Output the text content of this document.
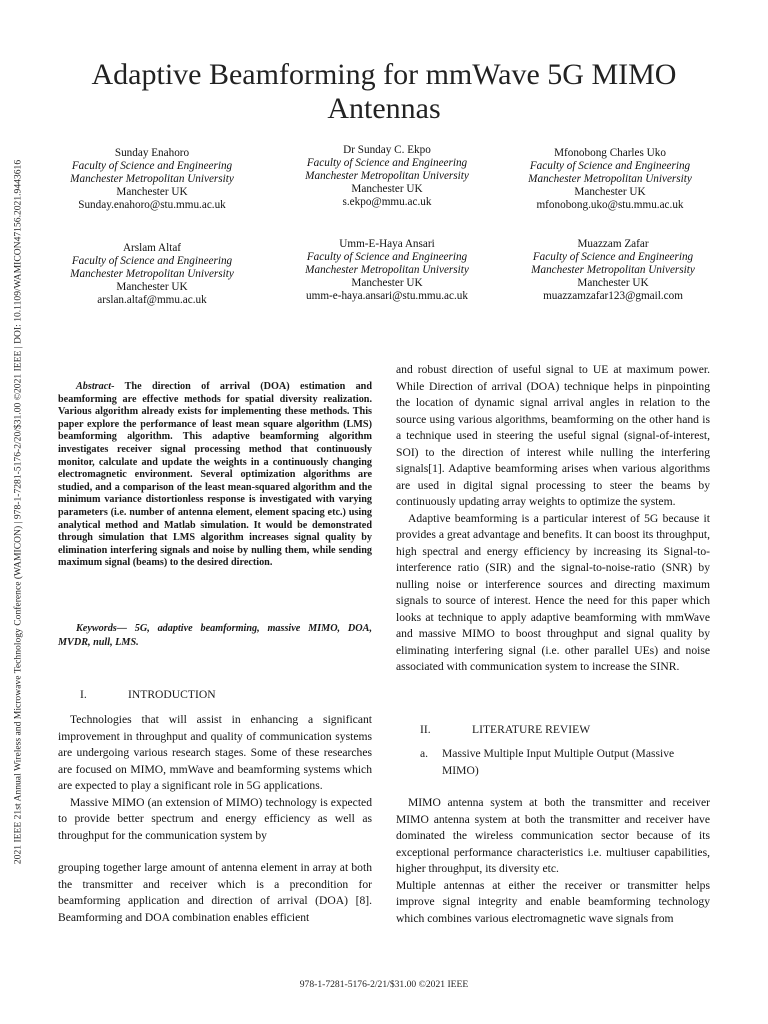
2021 IEEE 21st Annual Wireless and Microwave Technology Conference (WAMICON) | 978-1-7281-5176-2/20/$31.00 ©2021 IEEE | DOI: 10.1109/WAMICON47156.2021.9443616
Adaptive Beamforming for mmWave 5G MIMO Antennas
Sunday Enahoro
Faculty of Science and Engineering
Manchester Metropolitan University
Manchester UK
Sunday.enahoro@stu.mmu.ac.uk
Dr Sunday C. Ekpo
Faculty of Science and Engineering
Manchester Metropolitan University
Manchester UK
s.ekpo@mmu.ac.uk
Mfonobong Charles Uko
Faculty of Science and Engineering
Manchester Metropolitan University
Manchester UK
mfonobong.uko@stu.mmu.ac.uk
Arslam Altaf
Faculty of Science and Engineering
Manchester Metropolitan University
Manchester UK
arslan.altaf@mmu.ac.uk
Umm-E-Haya Ansari
Faculty of Science and Engineering
Manchester Metropolitan University
Manchester UK
umm-e-haya.ansari@stu.mmu.ac.uk
Muazzam Zafar
Faculty of Science and Engineering
Manchester Metropolitan University
Manchester UK
muazzamzafar123@gmail.com

Abstract- The direction of arrival (DOA) estimation and beamforming are effective methods for spatial diversity realization. Various algorithm already exists for implementing these methods. This paper explore the performance of least mean square algorithm (LMS) beamforming algorithm. This adaptive beamforming algorithm investigates receiver signal processing method that continuously monitor, calculate and update the weights in a continuously changing electromagnetic environment. Several optimization algorithms are studied, and a comparison of the least mean-squared algorithm and the minimum variance distortionless response is investigated with varying parameters (i.e. number of antenna element, element spacing etc.) using analytical method and Matlab simulation. It would be demonstrated through simulation that LMS algorithm increases signal quality by elimination interfering signals and noise by nulling them, while sending maximum signal (beams) to the desired direction.

Keywords— 5G, adaptive beamforming, massive MIMO, DOA, MVDR, null, LMS.

I.	INTRODUCTION

Technologies that will assist in enhancing a significant improvement in throughput and quality of communication systems are undergoing various research stages. Some of these researches are focused on MIMO, mmWave and beamforming systems which are expected to play a significant role in 5G applications.

Massive MIMO (an extension of MIMO) technology is expected to provide better spectrum and energy efficiency as well as throughput for the communication system by

grouping together large amount of antenna element in array at both the transmitter and receiver which is a precondition for beamforming application and direction of arrival (DOA) [8]. Beamforming and DOA combination enables efficient

and robust direction of useful signal to UE at maximum power. While Direction of arrival (DOA) technique helps in pinpointing the location of dynamic signal arrival angles in relation to the source using various algorithms, beamforming on the other hand is a technique used in steering the useful signal (signal-of-interest, SOI) to the direction of interest while nulling the interfering signals[1]. Adaptive beamforming arises when various algorithms are used in digital signal processing to steer the beams by continuously updating array weights to optimize the system.

Adaptive beamforming is a particular interest of 5G because it provides a great advantage and benefits. It can boost its throughput, high spectral and energy efficiency by increasing its Signal-to-interference ratio (SIR) and the signal-to-noise-ratio (SNR) by nulling noise or interference sources and directing maximum signals to source of interest. Hence the need for this paper which looks at technique to apply adaptive beamforming with mmWave and massive MIMO to boost throughput and signal quality by eliminating interfering signal (i.e. other parallel UEs) and noise associated with communication system to increase the SINR.

II.	LITERATURE REVIEW
a. Massive Multiple Input Multiple Output (Massive MIMO)

MIMO antenna system at both the transmitter and receiver MIMO antenna system at both the transmitter and receiver have dominated the wireless communication sector because of its exceptional performance characteristics i.e. multiuser capabilities, higher throughput, its diversity etc.

Multiple antennas at either the receiver or transmitter helps improve signal integrity and enable beamforming technology which combines various electromagnetic wave signals from

978-1-7281-5176-2/21/$31.00 ©2021 IEEE
